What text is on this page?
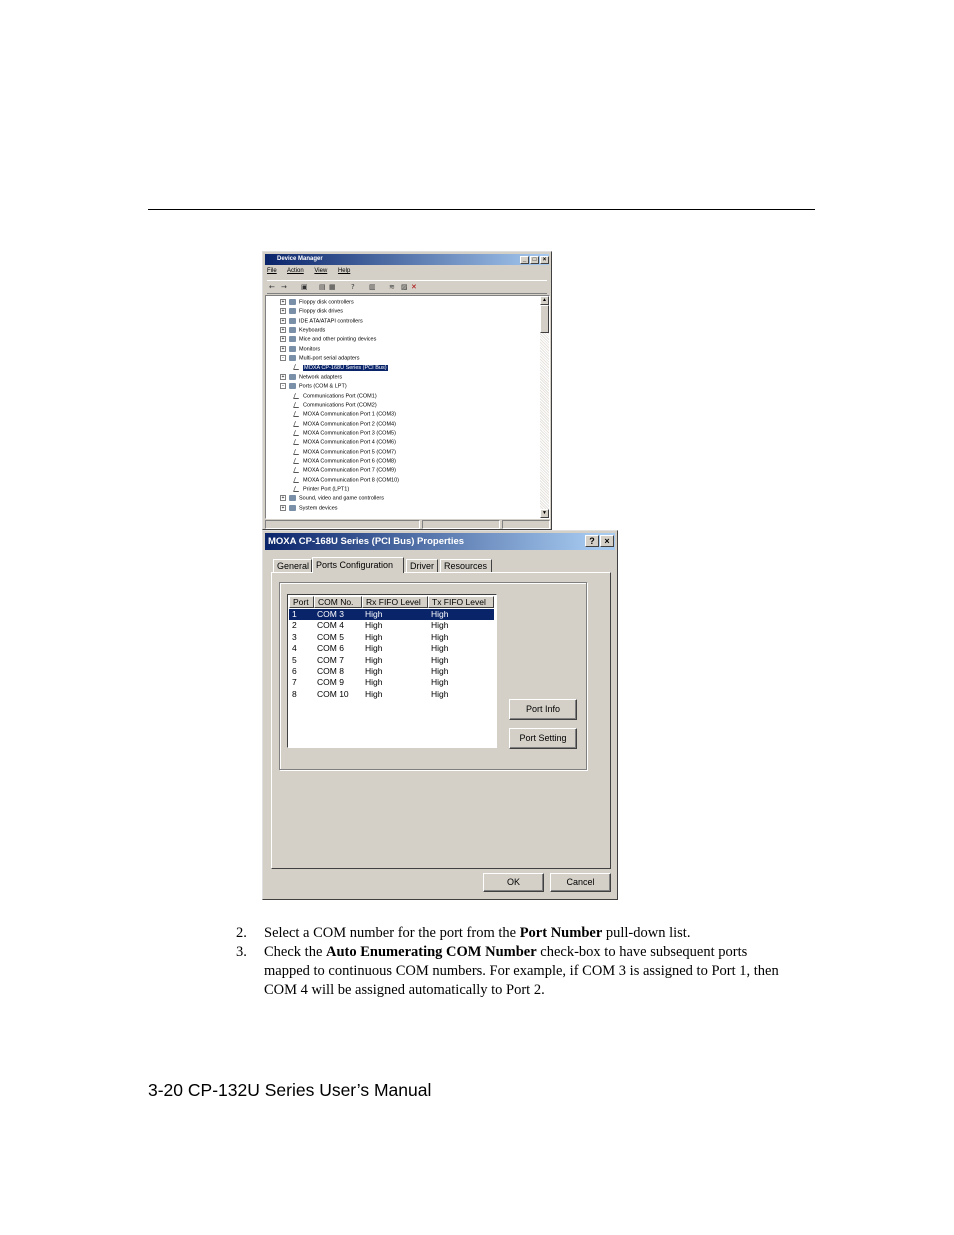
Device Manager	_	□	×
File Action View Help
← → ▣ ▤ ▦ ? ▥ ≋ ▨ ✕
+	Floppy disk controllers
+	Floppy disk drives
+	IDE ATA/ATAPI controllers
+	Keyboards
+	Mice and other pointing devices
+	Monitors
-	Multi-port serial adapters
MOXA CP-168U Series (PCI Bus)
+	Network adapters
-	Ports (COM & LPT)
Communications Port (COM1)
Communications Port (COM2)
MOXA Communication Port 1 (COM3)
MOXA Communication Port 2 (COM4)
MOXA Communication Port 3 (COM5)
MOXA Communication Port 4 (COM6)
MOXA Communication Port 5 (COM7)
MOXA Communication Port 6 (COM8)
MOXA Communication Port 7 (COM9)
MOXA Communication Port 8 (COM10)
Printer Port (LPT1)
+	Sound, video and game controllers
+	System devices
▲
▼
MOXA CP-168U Series (PCI Bus) Properties	?	×
General Ports Configuration	Driver	Resources
Port	COM No.	Rx FIFO Level	Tx FIFO Level
1 COM 3 High	High
2 COM 4 High	High
3 COM 5 High	High
4 COM 6 High	High
5 COM 7 High	High
6 COM 8 High	High
7 COM 9 High	High
8 COM 10 High	High
Port Info
Port Setting
OK	Cancel
2. Select a COM number for the port from the Port Number pull-down list.
3. Check the Auto Enumerating COM Number check-box to have subsequent ports mapped to continuous COM numbers. For example, if COM 3 is assigned to Port 1, then COM 4 will be assigned automatically to Port 2.
3-20 CP-132U Series User’s Manual
